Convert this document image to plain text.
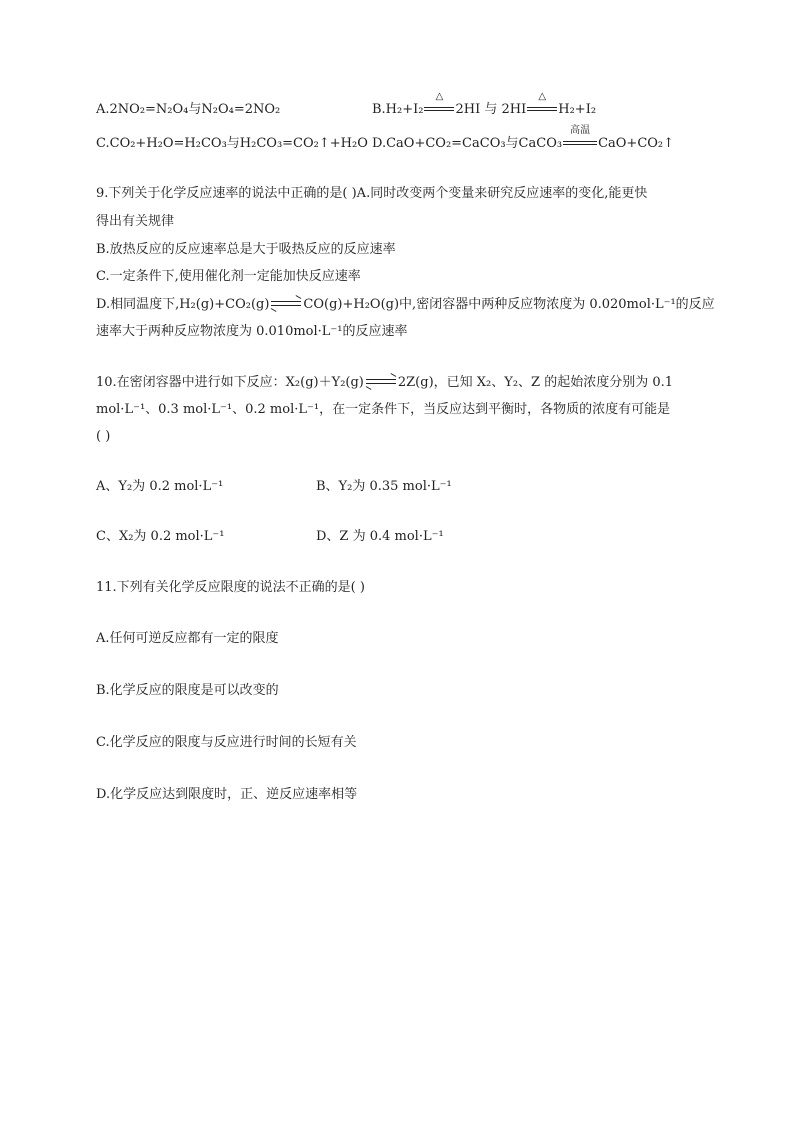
A.2NO₂=N₂O₄与N₂O₄=2NO₂	B.H₂+I₂
△
2HI 与 2HI
△
H₂+I₂
C.CO₂+H₂O=H₂CO₃与H₂CO₃=CO₂↑+H₂O D.CaO+CO₂=CaCO₃与CaCO₃
高温
CaO+CO₂↑
9.下列关于化学反应速率的说法中正确的是( )A.同时改变两个变量来研究反应速率的变化,能更快
得出有关规律
B.放热反应的反应速率总是大于吸热反应的反应速率
C.一定条件下,使用催化剂一定能加快反应速率
D.相同温度下,H₂(g)+CO₂(g) ⇌ CO(g)+H₂O(g)中,密闭容器中两种反应物浓度为 0.020mol·L⁻¹的反应
速率大于两种反应物浓度为 0.010mol·L⁻¹的反应速率
10.在密闭容器中进行如下反应：X₂(g)＋Y₂(g) ⇌ 2Z(g)，已知 X₂、Y₂、Z 的起始浓度分别为 0.1
mol·L⁻¹、0.3 mol·L⁻¹、0.2 mol·L⁻¹，在一定条件下，当反应达到平衡时，各物质的浓度有可能是
( )
A、Y₂为 0.2 mol·L⁻¹	B、Y₂为 0.35 mol·L⁻¹
C、X₂为 0.2 mol·L⁻¹	D、Z 为 0.4 mol·L⁻¹
11.下列有关化学反应限度的说法不正确的是( )
A.任何可逆反应都有一定的限度
B.化学反应的限度是可以改变的
C.化学反应的限度与反应进行时间的长短有关
D.化学反应达到限度时，正、逆反应速率相等
